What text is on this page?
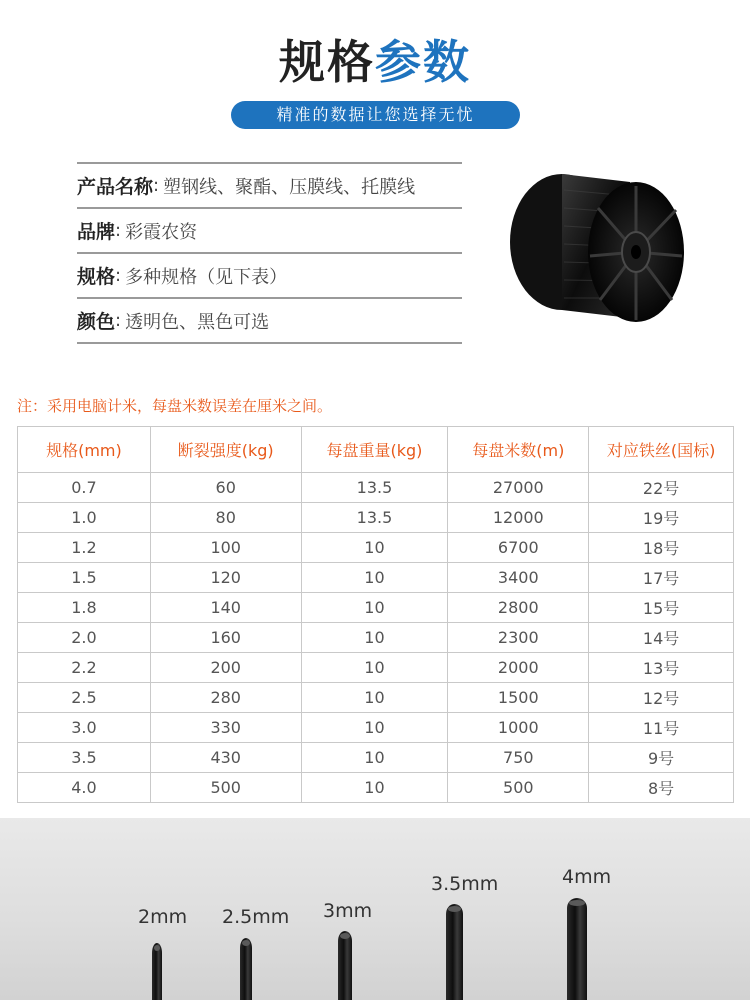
规格参数
精准的数据让您选择无忧
产品名称 : 塑钢线、聚酯、压膜线、托膜线
品牌 : 彩霞农资
规格 : 多种规格（见下表）
颜色 : 透明色、黑色可选
注：采用电脑计米，每盘米数误差在厘米之间。
规格(mm)	断裂强度(kg)	每盘重量(kg)	每盘米数(m)	对应铁丝(国标)
0.7	60	13.5	27000	22号
1.0	80	13.5	12000	19号
1.2	100	10	6700	18号
1.5	120	10	3400	17号
1.8	140	10	2800	15号
2.0	160	10	2300	14号
2.2	200	10	2000	13号
2.5	280	10	1500	12号
3.0	330	10	1000	11号
3.5	430	10	750	9号
4.0	500	10	500	8号
2mm 2.5mm 3mm
3.5mm	4mm
